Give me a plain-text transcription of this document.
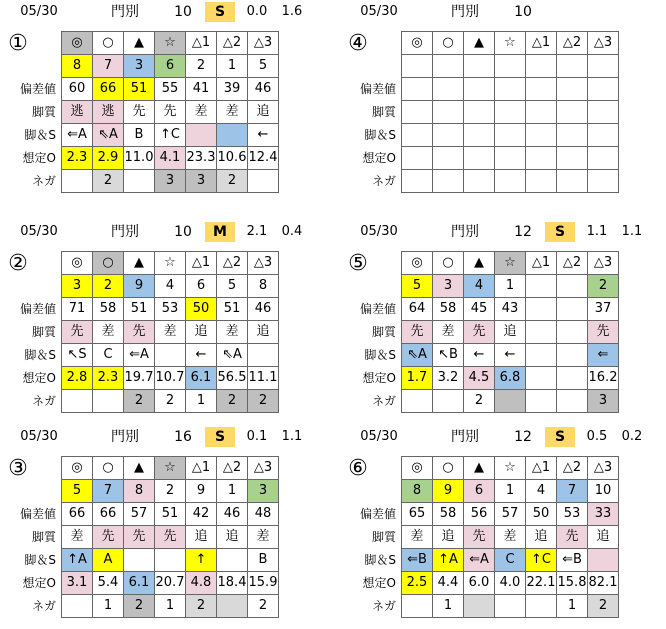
05/30	門別	10	S	0.0	1.6
①
		◎	○	▲	☆	△1	△2	△3
	8	7	3	6	2	1	5
偏差値	60	66	51	55	41	39	46
脚質	逃	逃	先	先	差	差	追
脚＆S	⇐A	⇖A	B	↑C			←
想定O	2.3	2.9	11.0	4.1	23.3	10.6	12.4
ネガ		2		3	3	2	
05/30	門別	10
④
		◎	○	▲	☆	△1	△2	△3

偏差値							
脚質							
脚＆S							
想定O							
ネガ							
05/30	門別	10	M	2.1	0.4
②
		◎	○	▲	☆	△1	△2	△3
	3	2	9	4	6	5	8
偏差値	71	58	51	53	50	51	46
脚質	先	差	先	差	追	差	追
脚＆S	↖S	C	⇐A		←	⇖A	
想定O	2.8	2.3	19.7	10.7	6.1	56.5	11.1
ネガ			2	2	1	2	2
05/30	門別	12	S	1.1	1.1
⑤
		◎	○	▲	☆	△1	△2	△3
	5	3	4	1			2
偏差値	64	58	45	43			37
脚質	先	差	先	追			先
脚＆S	⇖A	↖B	←	←			⇐
想定O	1.7	3.2	4.5	6.8			16.2
ネガ			2				3
05/30	門別	16	S	0.1	1.1
③
		◎	○	▲	☆	△1	△2	△3
	5	7	8	2	9	1	3
偏差値	66	66	57	51	42	46	48
脚質	差	先	先	先	追	追	差
脚＆S	↑A	A			↑		B
想定O	3.1	5.4	6.1	20.7	4.8	18.4	15.9
ネガ		1	2	1	2		2
05/30	門別	12	S	0.5	0.2
⑥
		◎	○	▲	☆	△1	△2	△3
	8	9	6	1	4	7	10
偏差値	65	58	56	57	50	53	33
脚質	差	追	先	差	追	先	追
脚＆S	⇐B	↑A	⇐A	C	↑C	⇐B	
想定O	2.5	4.4	6.0	4.0	22.1	15.8	82.1
ネガ		1				1	2
